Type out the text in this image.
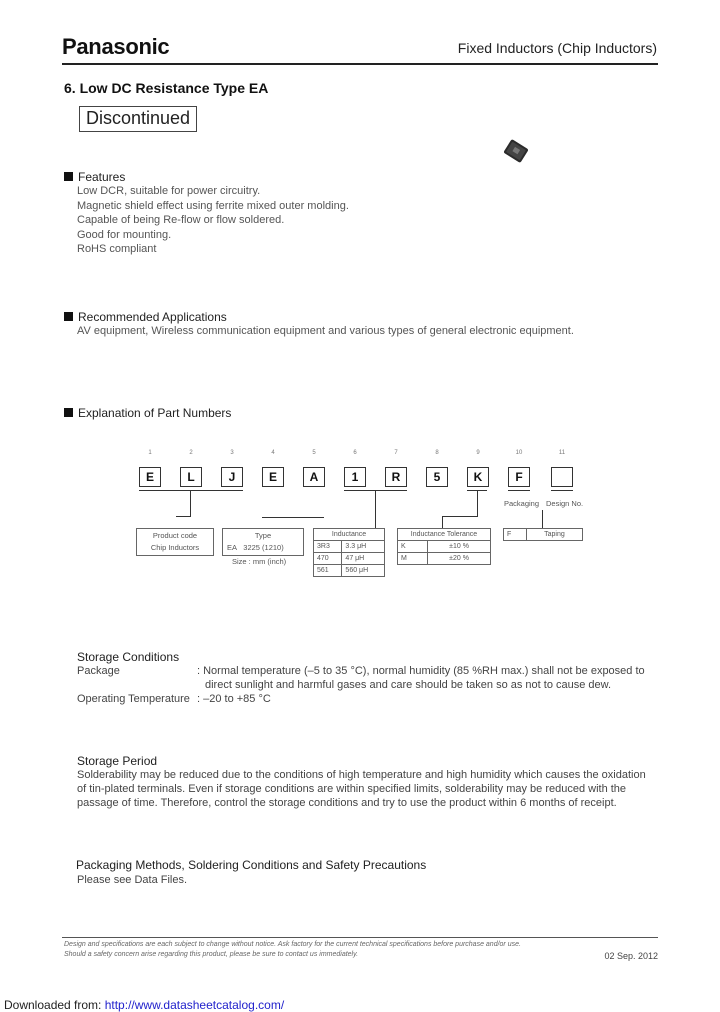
Panasonic	Fixed Inductors (Chip Inductors)
6. Low DC Resistance Type EA
Discontinued
Features
Low DCR, suitable for power circuitry.
Magnetic shield effect using ferrite mixed outer molding.
Capable of being Re-flow or flow soldered.
Good for mounting.
RoHS compliant
Recommended Applications
AV equipment, Wireless communication equipment and various types of general electronic equipment.
Explanation of Part Numbers
1	2	3	4	5	6	7	8	9	10	11
E	L	J	E	A	1	R	5	K	F
Packaging Design No.
Product code
Chip Inductors
Type
EA 3225 (1210)
Size : mm (inch)
Inductance	
3R3	3.3 μH
470	47 μH
561	560 μH
Inductance Tolerance	
K	±10 %
M	±20 %
F	Taping
Storage Conditions
Package	: Normal temperature (–5 to 35 °C), normal humidity (85 %RH max.) shall not be exposed to
direct sunlight and harmful gases and care should be taken so as not to cause dew.
Operating Temperature : –20 to +85 °C
Storage Period
Solderability may be reduced due to the conditions of high temperature and high humidity which causes the oxidation
of tin-plated terminals. Even if storage conditions are within specified limits, solderability may be reduced with the
passage of time. Therefore, control the storage conditions and try to use the product within 6 months of receipt.
Packaging Methods, Soldering Conditions and Safety Precautions
Please see Data Files.
Design and specifications are each subject to change without notice. Ask factory for the current technical specifications before purchase and/or use.
Should a safety concern arise regarding this product, please be sure to contact us immediately.	02 Sep. 2012
Downloaded from: http://www.datasheetcatalog.com/
